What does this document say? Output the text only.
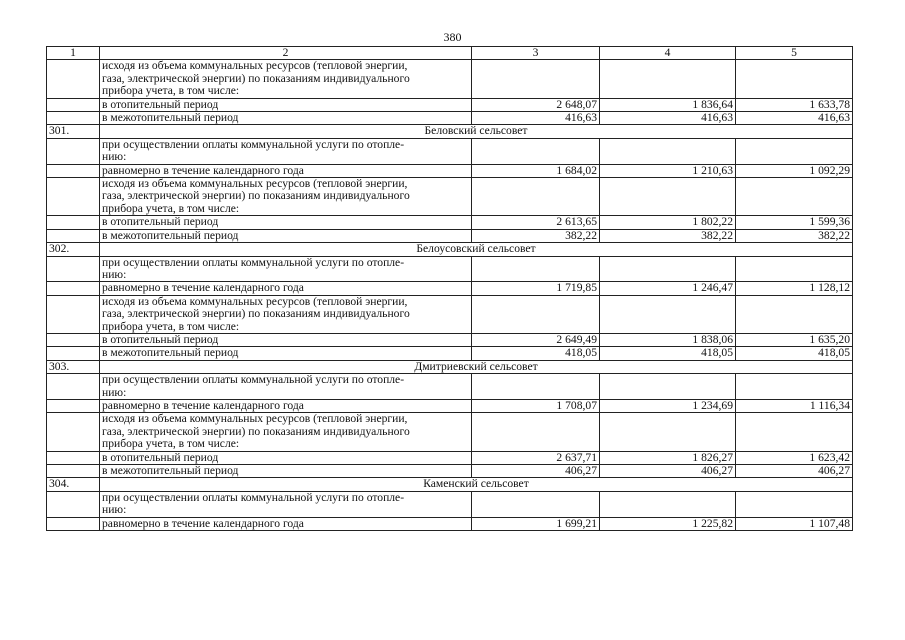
380
1	2	3	4	5

	исходя из объема коммунальных ресурсов (тепловой энергии,
газа, электрической энергии) по показаниям индивидуального
прибора учета, в том числе:			

	в отопительный период	2 648,07	1 836,64	1 633,78
	в межотопительный период	416,63	416,63	416,63
301.	Беловский сельсовет			

	при осуществлении оплаты коммунальной услуги по отопле-
нию:			

	равномерно в течение календарного года	1 684,02	1 210,63	1 092,29

	исходя из объема коммунальных ресурсов (тепловой энергии,
газа, электрической энергии) по показаниям индивидуального
прибора учета, в том числе:			

	в отопительный период	2 613,65	1 802,22	1 599,36
	в межотопительный период	382,22	382,22	382,22
302.	Белоусовский сельсовет			

	при осуществлении оплаты коммунальной услуги по отопле-
нию:			

	равномерно в течение календарного года	1 719,85	1 246,47	1 128,12

	исходя из объема коммунальных ресурсов (тепловой энергии,
газа, электрической энергии) по показаниям индивидуального
прибора учета, в том числе:			

	в отопительный период	2 649,49	1 838,06	1 635,20
	в межотопительный период	418,05	418,05	418,05
303.	Дмитриевский сельсовет			

	при осуществлении оплаты коммунальной услуги по отопле-
нию:			

	равномерно в течение календарного года	1 708,07	1 234,69	1 116,34

	исходя из объема коммунальных ресурсов (тепловой энергии,
газа, электрической энергии) по показаниям индивидуального
прибора учета, в том числе:			

	в отопительный период	2 637,71	1 826,27	1 623,42
	в межотопительный период	406,27	406,27	406,27
304.	Каменский сельсовет			

	при осуществлении оплаты коммунальной услуги по отопле-
нию:			

	равномерно в течение календарного года	1 699,21	1 225,82	1 107,48
